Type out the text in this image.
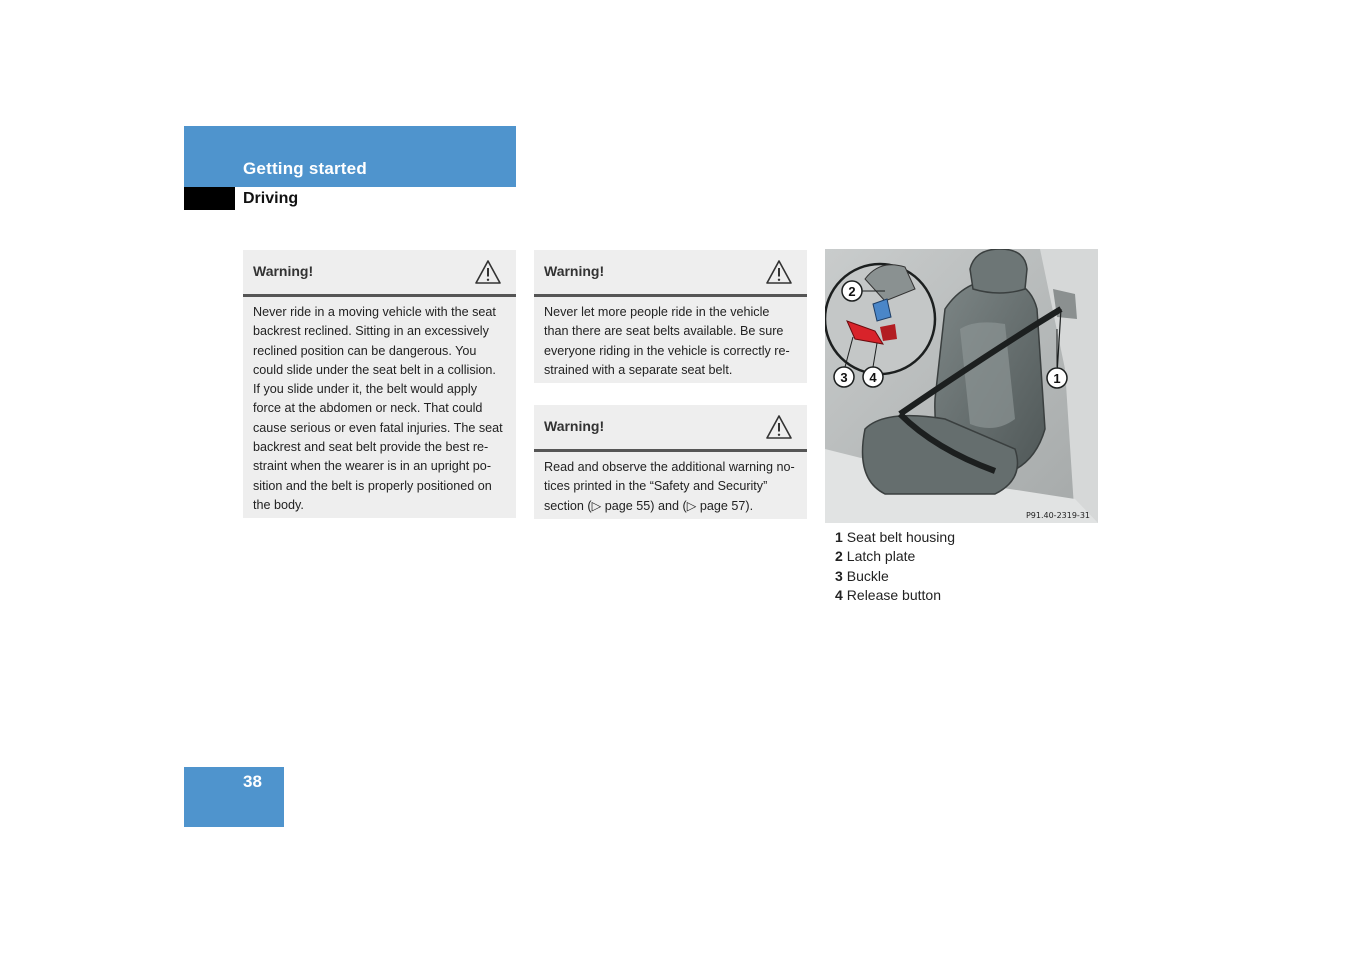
Getting started
Driving
Warning!
Never ride in a moving vehicle with the seat backrest reclined. Sitting in an excessively reclined position can be dangerous. You could slide under the seat belt in a collision. If you slide under it, the belt would apply force at the abdomen or neck. That could cause serious or even fatal injuries. The seat backrest and seat belt provide the best re-straint when the wearer is in an upright po-sition and the belt is properly positioned on the body.
Warning!
Never let more people ride in the vehicle than there are seat belts available. Be sure everyone riding in the vehicle is correctly re-strained with a separate seat belt.
Warning!
Read and observe the additional warning no-tices printed in the “Safety and Security” section (▷ page 55) and (▷ page 57).
2
3 4	1
P91.40-2319-31
1 Seat belt housing
2 Latch plate
3 Buckle
4 Release button
38
